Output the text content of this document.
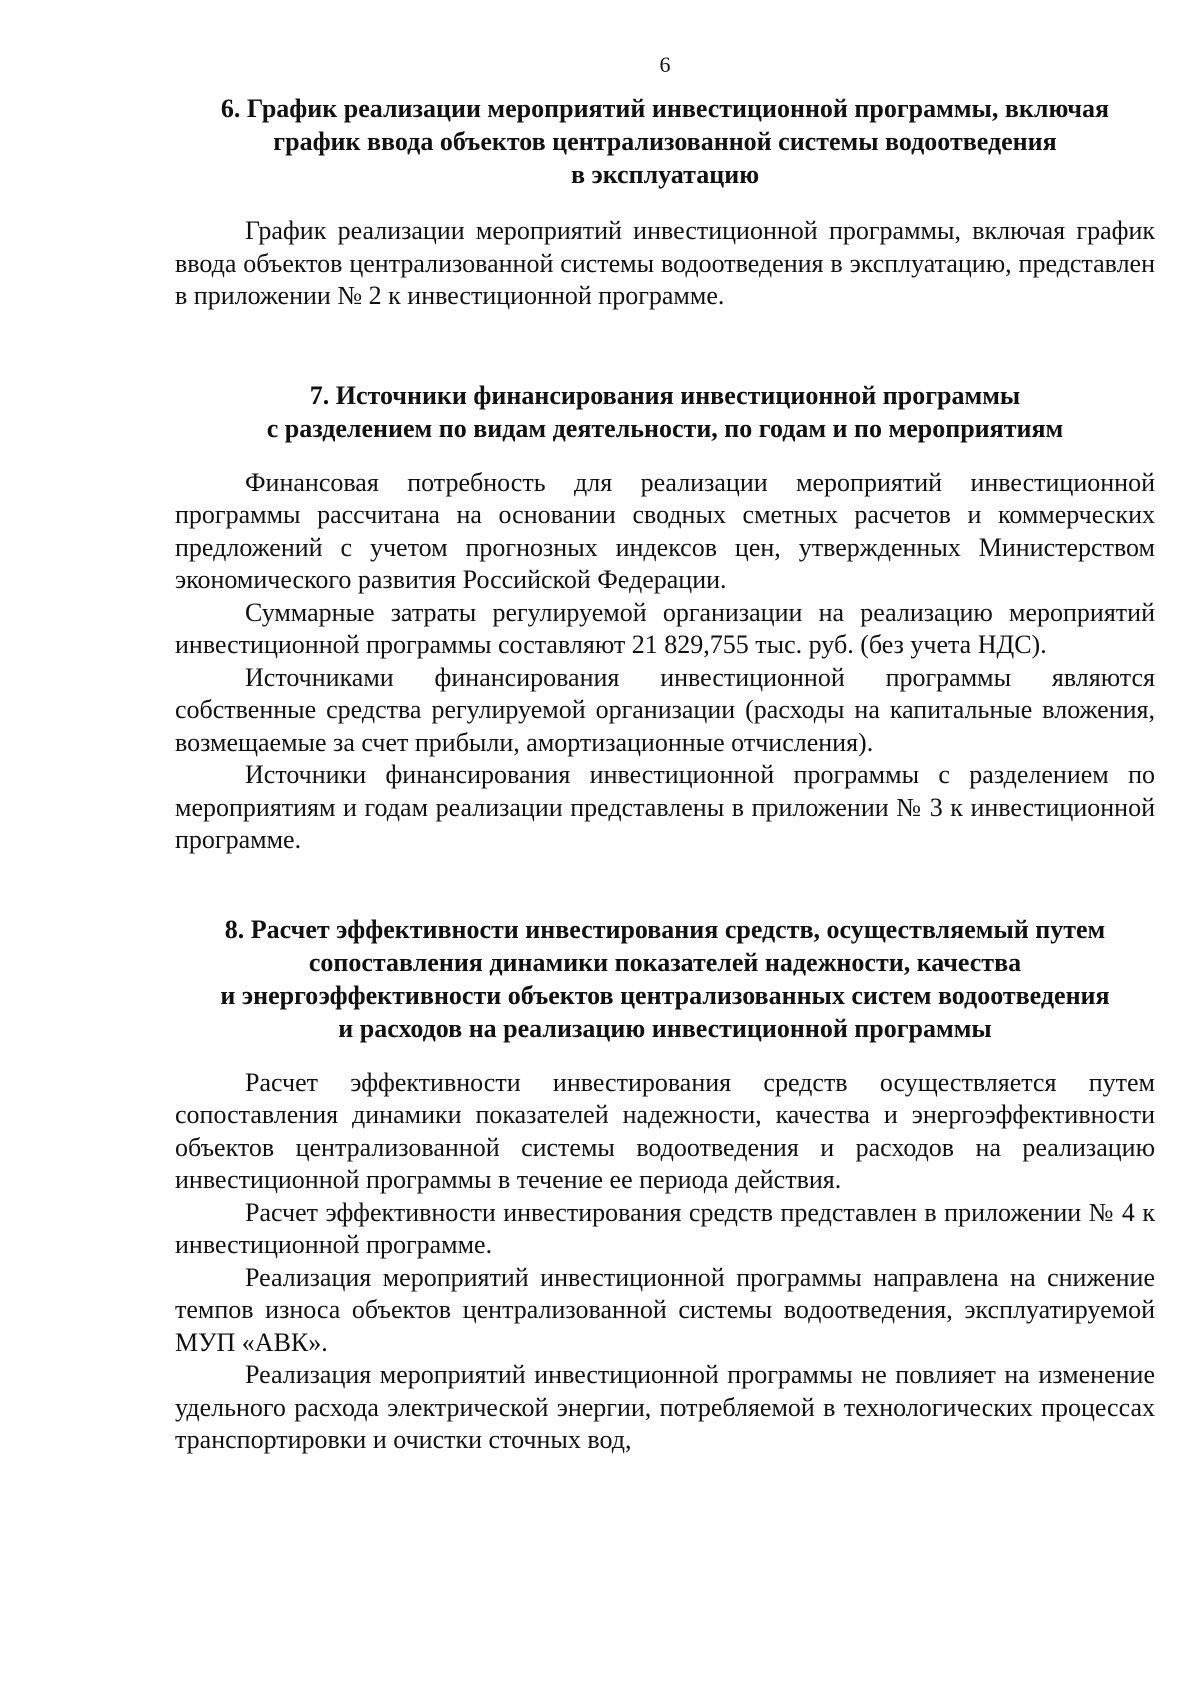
6
6. График реализации мероприятий инвестиционной программы, включая
график ввода объектов централизованной системы водоотведения
в эксплуатацию

График реализации мероприятий инвестиционной программы, включая график ввода объектов централизованной системы водоотведения в эксплуатацию, представлен в приложении № 2 к инвестиционной программе.

7. Источники финансирования инвестиционной программы
с разделением по видам деятельности, по годам и по мероприятиям

Финансовая потребность для реализации мероприятий инвестиционной программы рассчитана на основании сводных сметных расчетов и коммерческих предложений с учетом прогнозных индексов цен, утвержденных Министерством экономического развития Российской Федерации.

Суммарные затраты регулируемой организации на реализацию мероприятий инвестиционной программы составляют 21 829,755 тыс. руб. (без учета НДС).

Источниками финансирования инвестиционной программы являются собственные средства регулируемой организации (расходы на капитальные вложения, возмещаемые за счет прибыли, амортизационные отчисления).

Источники финансирования инвестиционной программы с разделением по мероприятиям и годам реализации представлены в приложении № 3 к инвестиционной программе.

8. Расчет эффективности инвестирования средств, осуществляемый путем
сопоставления динамики показателей надежности, качества
и энергоэффективности объектов централизованных систем водоотведения
и расходов на реализацию инвестиционной программы

Расчет эффективности инвестирования средств осуществляется путем сопоставления динамики показателей надежности, качества и энергоэффективности объектов централизованной системы водоотведения и расходов на реализацию инвестиционной программы в течение ее периода действия.

Расчет эффективности инвестирования средств представлен в приложении № 4 к инвестиционной программе.

Реализация мероприятий инвестиционной программы направлена на снижение темпов износа объектов централизованной системы водоотведения, эксплуатируемой МУП «АВК».

Реализация мероприятий инвестиционной программы не повлияет на изменение удельного расхода электрической энергии, потребляемой в технологических процессах транспортировки и очистки сточных вод,
